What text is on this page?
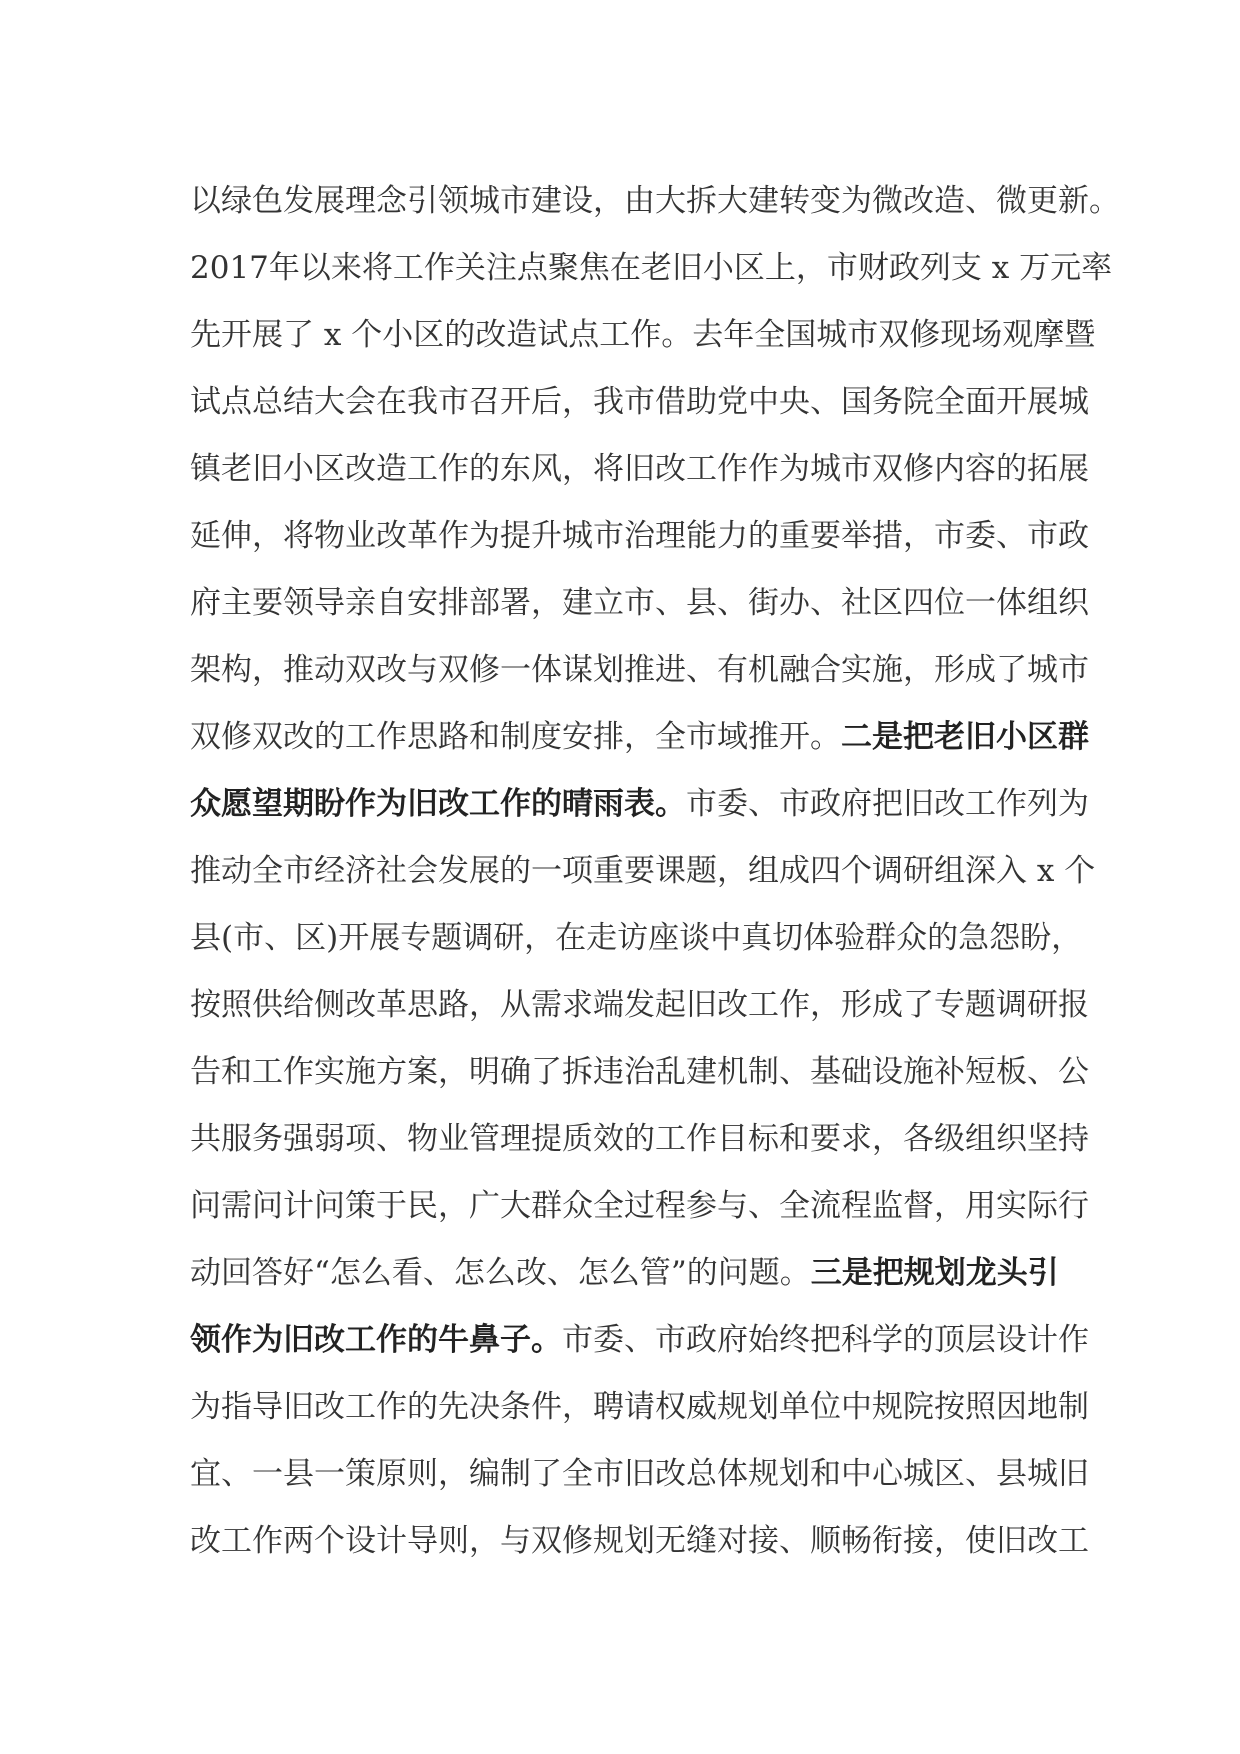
以绿色发展理念引领城市建设，由大拆大建转变为微改造、微更新。
2017年以来将工作关注点聚焦在老旧小区上，市财政列支 x 万元率
先开展了 x 个小区的改造试点工作。去年全国城市双修现场观摩暨
试点总结大会在我市召开后，我市借助党中央、国务院全面开展城
镇老旧小区改造工作的东风，将旧改工作作为城市双修内容的拓展
延伸，将物业改革作为提升城市治理能力的重要举措，市委、市政
府主要领导亲自安排部署，建立市、县、街办、社区四位一体组织
架构，推动双改与双修一体谋划推进、有机融合实施，形成了城市
双修双改的工作思路和制度安排，全市域推开。二是把老旧小区群
众愿望期盼作为旧改工作的晴雨表。市委、市政府把旧改工作列为
推动全市经济社会发展的一项重要课题，组成四个调研组深入 x 个
县(市、区)开展专题调研，在走访座谈中真切体验群众的急怨盼，
按照供给侧改革思路，从需求端发起旧改工作，形成了专题调研报
告和工作实施方案，明确了拆违治乱建机制、基础设施补短板、公
共服务强弱项、物业管理提质效的工作目标和要求，各级组织坚持
问需问计问策于民，广大群众全过程参与、全流程监督，用实际行
动回答好“怎么看、怎么改、怎么管”的问题。三是把规划龙头引
领作为旧改工作的牛鼻子。市委、市政府始终把科学的顶层设计作
为指导旧改工作的先决条件，聘请权威规划单位中规院按照因地制
宜、一县一策原则，编制了全市旧改总体规划和中心城区、县城旧
改工作两个设计导则，与双修规划无缝对接、顺畅衔接，使旧改工
